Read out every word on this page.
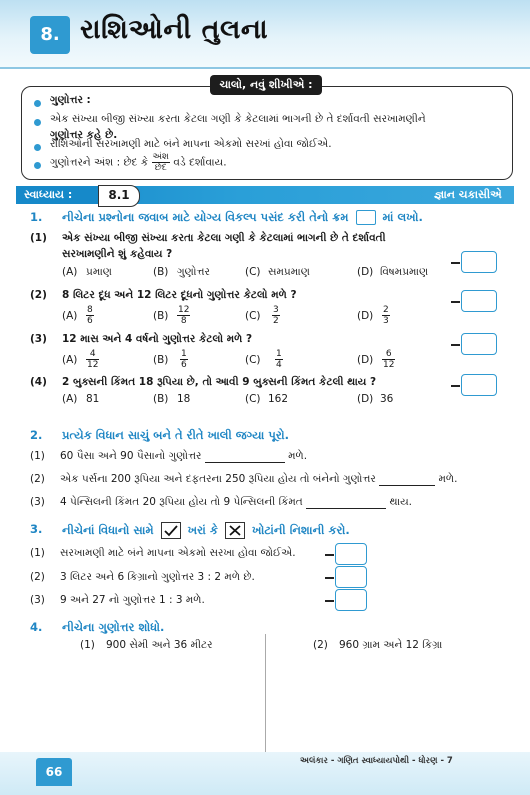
8. રાશિઓની તુલના
ચાલો, નવું શીખીએ :
ગુણોત્તર :
એક સંખ્યા બીજી સંખ્યા કરતા કેટલા ગણી કે કેટલામાં ભાગની છે તે દર્શાવતી સરખામણીને
ગુણોત્તર કહે છે.
રાશિઓની સરખામણી માટે બંને માપના એકમો સરખાં હોવા જોઈએ.
ગુણોત્તરને અંશ : છેદ કે $\frac{\text{અંશ}}{\text{છેદ}}$ વડે દર્શાવાય.
સ્વાધ્યાય :	8.1	જ્ઞાન ચકાસીએ
1. નીચેના પ્રશ્નોના જવાબ માટે યોગ્ય વિકલ્પ પસંદ કરી તેનો ક્રમ	માં લખો.
(1) એક સંખ્યા બીજી સંખ્યા કરતા કેટલા ગણી કે કેટલામાં ભાગની છે તે દર્શાવતી
સરખામણીને શું કહેવાય ?
(A) પ્રમાણ	(B) ગુણોત્તર	(C) સમપ્રમાણ	(D) વિષમપ્રમાણ
(2) 8 લિટર દૂધ અને 12 લિટર દૂધનો ગુણોત્તર કેટલો મળે ?
$(A) \frac{8}{6}$	$(B) \frac{12}{8}$	$(C) \frac{3}{2}$	$(D) \frac{2}{3}$
(3) 12 માસ અને 4 વર્ષનો ગુણોત્તર કેટલો મળે ?
$(A) \frac{4}{12}$	$(B) \frac{1}{6}$	$(C) \frac{1}{4}$	$(D) \frac{6}{12}$
(4) 2 બુક્સની કિંમત 18 રૂપિયા છે, તો આવી 9 બુક્સની કિંમત કેટલી થાય ?
(A) 81	(B) 18	(C) 162	(D) 36
2. પ્રત્યેક વિધાન સાચું બને તે રીતે ખાલી જગ્યા પૂરો.
(1) 60 પૈસા અને 90 પૈસાનો ગુણોત્તર	મળે.
(2) એક પર્સના 200 રૂપિયા અને દફતરના 250 રૂપિયા હોય તો બંનેનો ગુણોત્તર	મળે.
(3) 4 પેન્સિલની કિંમત 20 રૂપિયા હોય તો 9 પેન્સિલની કિંમત	થાય.
3. નીચેનાં વિધાનો સામે	ખરાં કે	ખોટાંની નિશાની કરો.
(1) સરખામણી માટે બંને માપના એકમો સરખા હોવા જોઈએ.
(2) 3 લિટર અને 6 કિગ્રાનો ગુણોત્તર 3 : 2 મળે છે.
(3) 9 અને 27 નો ગુણોત્તર 1 : 3 મળે.
4. નીચેના ગુણોત્તર શોધો.
(1) 900 સેમી અને 36 મીટર	(2) 960 ગ્રામ અને 12 કિગ્રા
અલંકાર - ગણિત સ્વાધ્યાયપોથી - ધોરણ - 7
66
